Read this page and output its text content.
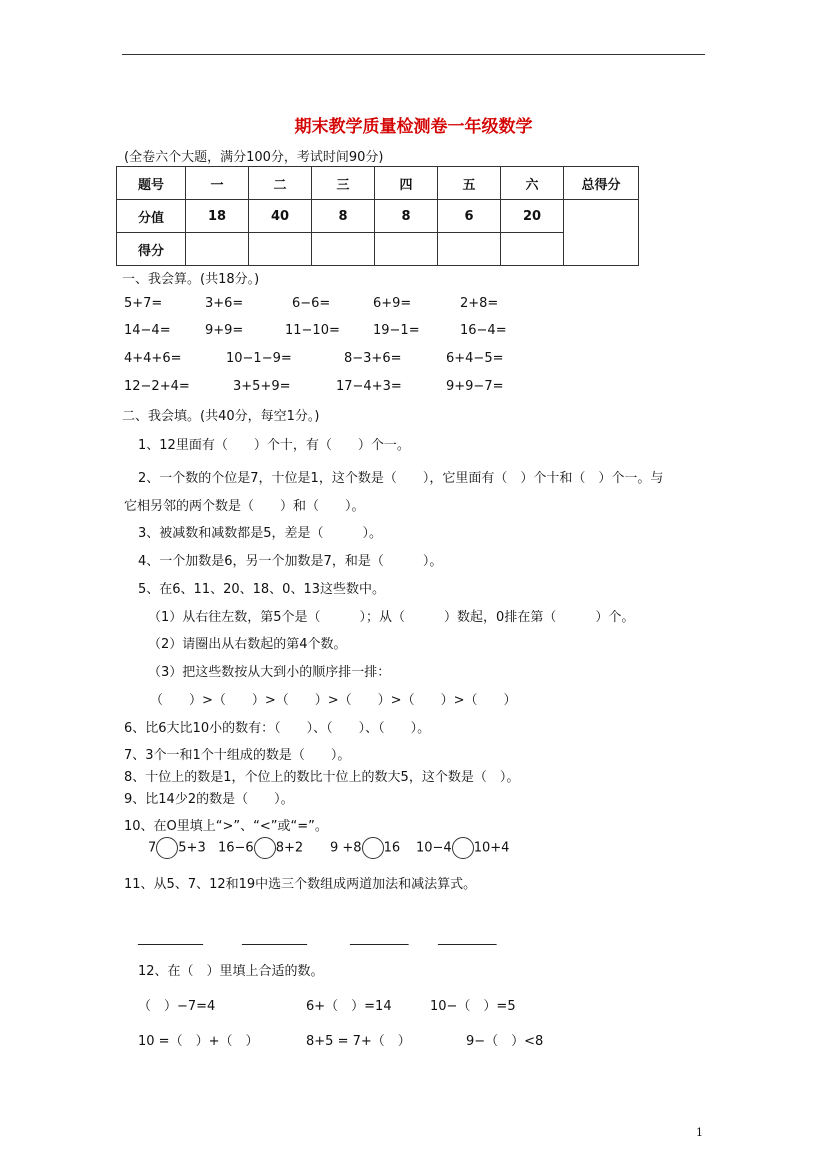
期末教学质量检测卷一年级数学
(全卷六个大题，满分100分，考试时间90分)
题号	一	二	三	四	五	六	总得分
分值	18	40	8	8	6	20	
得分							
一、我会算。(共18分。)
5+7=	3+6=	6−6=	6+9=	2+8=
14−4=	9+9=	11−10=	19−1=	16−4=
4+4+6=	10−1−9=	8−3+6=	6+4−5=
12−2+4=	3+5+9=	17−4+3=	9+9−7=
二、我会填。(共40分，每空1分。)
1、12里面有（　　）个十，有（　　）个一。
2、一个数的个位是7，十位是1，这个数是（　　），它里面有（　）个十和（　）个一。与
它相另邻的两个数是（　　）和（　　）。
3、被减数和减数都是5，差是（　　　）。
4、一个加数是6，另一个加数是7，和是（　　　）。
5、在6、11、20、18、0、13这些数中。
（1）从右往左数，第5个是（　　　）；从（　　　）数起，0排在第（　　　）个。
（2）请圈出从右数起的第4个数。
（3）把这些数按从大到小的顺序排一排：
（　　）>（　　）>（　　）>（　　）>（　　）>（　　）
6、比6大比10小的数有：（　　）、（　　）、（　　）。
7、3个一和1个十组成的数是（　　）。
8、十位上的数是1，个位上的数比十位上的数大5，这个数是（　）。
9、比14少2的数是（　　）。
10、在O里填上“>”、“<”或“=”。
7 5+3 16−6 8+2 9 +8 16 10−4 10+4
11、从5、7、12和19中选三个数组成两道加法和减法算式。
__________	__________	_________ _________
12、在（　）里填上合适的数。
（　）−7=4	6+（　）=14	10−（　）=5
10 =（　）+（　）	8+5 = 7+（　）	9−（　）<8
1
